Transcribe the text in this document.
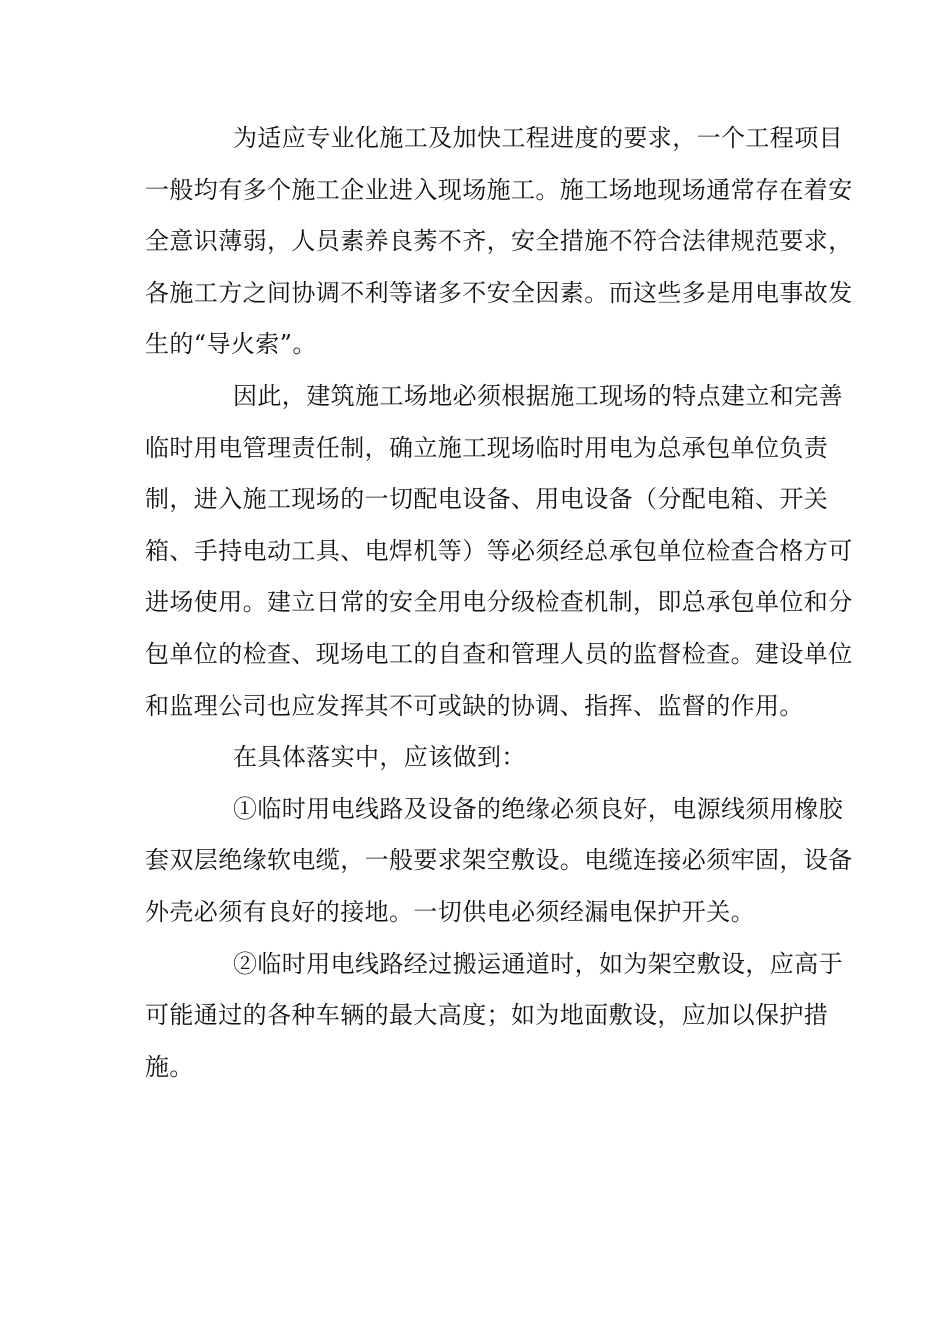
为适应专业化施工及加快工程进度的要求，一个工程项目
一般均有多个施工企业进入现场施工。施工场地现场通常存在着安
全意识薄弱，人员素养良莠不齐，安全措施不符合法律规范要求，
各施工方之间协调不利等诸多不安全因素。而这些多是用电事故发
生的“导火索”。

因此，建筑施工场地必须根据施工现场的特点建立和完善
临时用电管理责任制，确立施工现场临时用电为总承包单位负责
制，进入施工现场的一切配电设备、用电设备（分配电箱、开关
箱、手持电动工具、电焊机等）等必须经总承包单位检查合格方可
进场使用。建立日常的安全用电分级检查机制，即总承包单位和分
包单位的检查、现场电工的自查和管理人员的监督检查。建设单位
和监理公司也应发挥其不可或缺的协调、指挥、监督的作用。

在具体落实中，应该做到：

①临时用电线路及设备的绝缘必须良好，电源线须用橡胶
套双层绝缘软电缆，一般要求架空敷设。电缆连接必须牢固，设备
外壳必须有良好的接地。一切供电必须经漏电保护开关。

②临时用电线路经过搬运通道时，如为架空敷设，应高于
可能通过的各种车辆的最大高度；如为地面敷设，应加以保护措
施。
